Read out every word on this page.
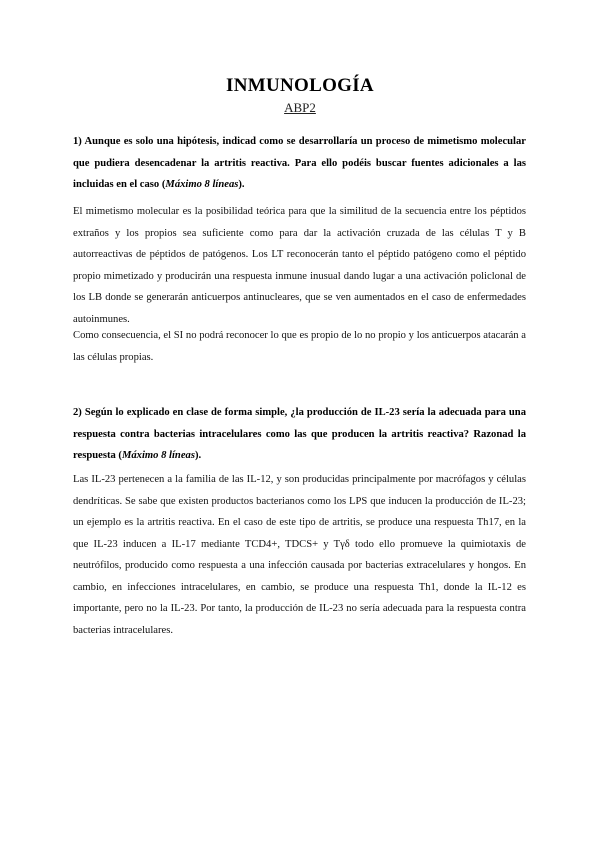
INMUNOLOGÍA
ABP2
1) Aunque es solo una hipótesis, indicad como se desarrollaría un proceso de mimetismo molecular que pudiera desencadenar la artritis reactiva. Para ello podéis buscar fuentes adicionales a las incluidas en el caso (Máximo 8 líneas).
El mimetismo molecular es la posibilidad teórica para que la similitud de la secuencia entre los péptidos extraños y los propios sea suficiente como para dar la activación cruzada de las células T y B autorreactivas de péptidos de patógenos. Los LT reconocerán tanto el péptido patógeno como el péptido propio mimetizado y producirán una respuesta inmune inusual dando lugar a una activación policlonal de los LB donde se generarán anticuerpos antinucleares, que se ven aumentados en el caso de enfermedades autoinmunes.
Como consecuencia, el SI no podrá reconocer lo que es propio de lo no propio y los anticuerpos atacarán a las células propias.
2) Según lo explicado en clase de forma simple, ¿la producción de IL-23 sería la adecuada para una respuesta contra bacterias intracelulares como las que producen la artritis reactiva? Razonad la respuesta (Máximo 8 líneas).
Las IL-23 pertenecen a la familia de las IL-12, y son producidas principalmente por macrófagos y células dendríticas. Se sabe que existen productos bacterianos como los LPS que inducen la producción de IL-23; un ejemplo es la artritis reactiva. En el caso de este tipo de artritis, se produce una respuesta Th17, en la que IL-23 inducen a IL-17 mediante TCD4+, TDCS+ y Tγδ todo ello promueve la quimiotaxis de neutrófilos, producido como respuesta a una infección causada por bacterias extracelulares y hongos. En cambio, en infecciones intracelulares, en cambio, se produce una respuesta Th1, donde la IL-12 es importante, pero no la IL-23. Por tanto, la producción de IL-23 no sería adecuada para la respuesta contra bacterias intracelulares.
